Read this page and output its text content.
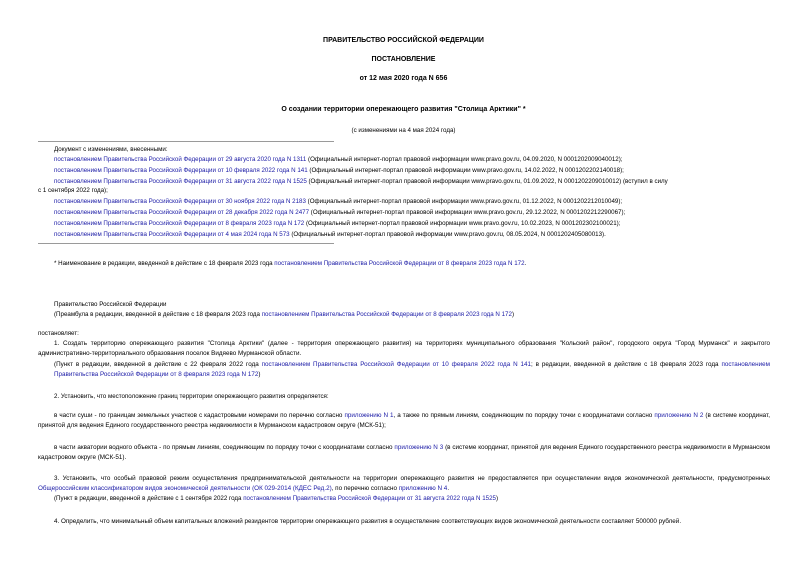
ПРАВИТЕЛЬСТВО РОССИЙСКОЙ ФЕДЕРАЦИИ
ПОСТАНОВЛЕНИЕ
от 12 мая 2020 года N 656
О создании территории опережающего развития "Столица Арктики" *
(с изменениями на 4 мая 2024 года)
Документ с изменениями, внесенными:
постановлением Правительства Российской Федерации от 29 августа 2020 года N 1311 (Официальный интернет-портал правовой информации www.pravo.gov.ru, 04.09.2020, N 0001202009040012);
постановлением Правительства Российской Федерации от 10 февраля 2022 года N 141 (Официальный интернет-портал правовой информации www.pravo.gov.ru, 14.02.2022, N 0001202202140018);
постановлением Правительства Российской Федерации от 31 августа 2022 года N 1525 (Официальный интернет-портал правовой информации www.pravo.gov.ru, 01.09.2022, N 0001202209010012) (вступил в силу
с 1 сентября 2022 года);
постановлением Правительства Российской Федерации от 30 ноября 2022 года N 2183 (Официальный интернет-портал правовой информации www.pravo.gov.ru, 01.12.2022, N 0001202212010049);
постановлением Правительства Российской Федерации от 28 декабря 2022 года N 2477 (Официальный интернет-портал правовой информации www.pravo.gov.ru, 29.12.2022, N 0001202212290067);
постановлением Правительства Российской Федерации от 8 февраля 2023 года N 172 (Официальный интернет-портал правовой информации www.pravo.gov.ru, 10.02.2023, N 0001202302100021);
постановлением Правительства Российской Федерации от 4 мая 2024 года N 573 (Официальный интернет-портал правовой информации www.pravo.gov.ru, 08.05.2024, N 0001202405080013).
* Наименование в редакции, введенной в действие с 18 февраля 2023 года постановлением Правительства Российской Федерации от 8 февраля 2023 года N 172.
Правительство Российской Федерации
(Преамбула в редакции, введенной в действие с 18 февраля 2023 года постановлением Правительства Российской Федерации от 8 февраля 2023 года N 172)
постановляет:
1. Создать территорию опережающего развития "Столица Арктики" (далее - территория опережающего развития) на территориях муниципального образования "Кольский район", городского округа "Город Мурманск" и закрытого административно-территориального образования поселок Видяево Мурманской области.
(Пункт в редакции, введенной в действие с 22 февраля 2022 года постановлением Правительства Российской Федерации от 10 февраля 2022 года N 141; в редакции, введенной в действие с 18 февраля 2023 года постановлением Правительства Российской Федерации от 8 февраля 2023 года N 172)
2. Установить, что местоположение границ территории опережающего развития определяется:
в части суши - по границам земельных участков с кадастровыми номерами по перечню согласно приложению N 1, а также по прямым линиям, соединяющим по порядку точки с координатами согласно приложению N 2 (в системе координат, принятой для ведения Единого государственного реестра недвижимости в Мурманском кадастровом округе (МСК-51);
в части акватории водного объекта - по прямым линиям, соединяющим по порядку точки с координатами согласно приложению N 3 (в системе координат, принятой для ведения Единого государственного реестра недвижимости в Мурманском кадастровом округе (МСК-51).
3. Установить, что особый правовой режим осуществления предпринимательской деятельности на территории опережающего развития не предоставляется при осуществлении видов экономической деятельности, предусмотренных Общероссийским классификатором видов экономической деятельности (ОК 029-2014 (КДЕС Ред.2), по перечню согласно приложению N 4.
(Пункт в редакции, введенной в действие с 1 сентября 2022 года постановлением Правительства Российской Федерации от 31 августа 2022 года N 1525)
4. Определить, что минимальный объем капитальных вложений резидентов территории опережающего развития в осуществление соответствующих видов экономической деятельности составляет 500000 рублей.
